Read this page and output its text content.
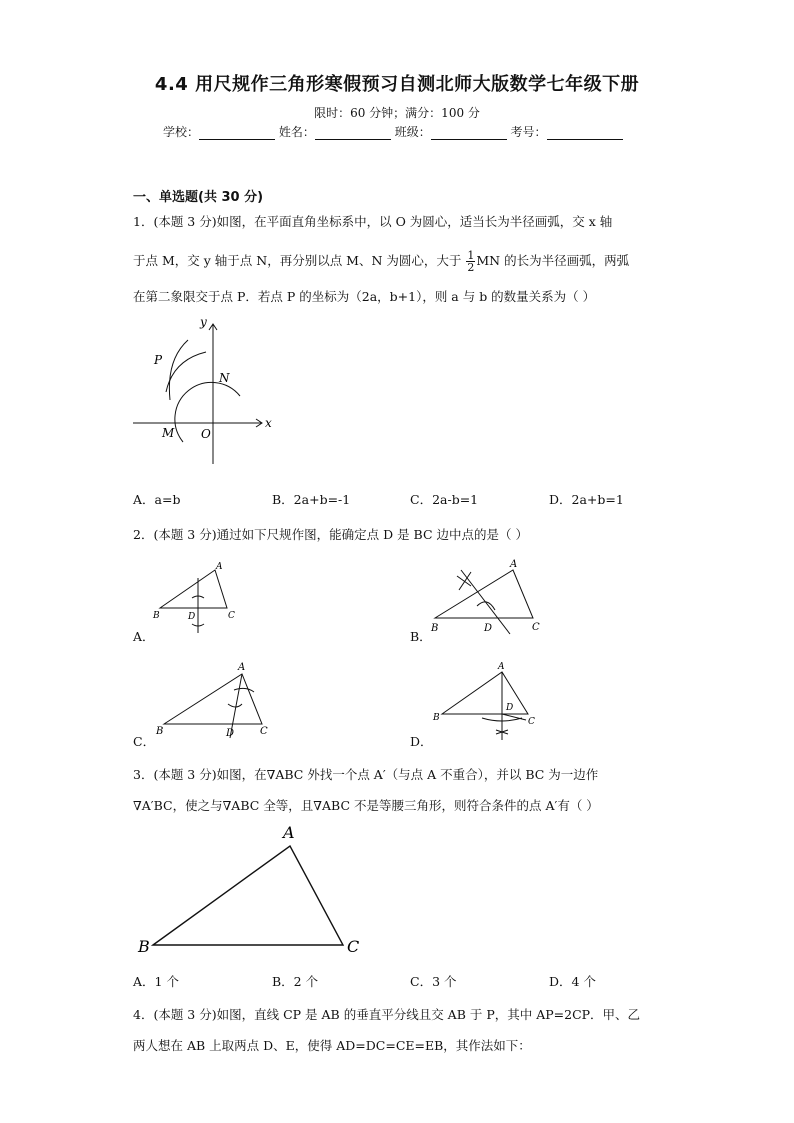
4.4 用尺规作三角形寒假预习自测北师大版数学七年级下册
限时：60 分钟；满分：100 分
学校：	姓名：	班级：	考号：
一、单选题(共 30 分)
1．(本题 3 分)如图，在平面直角坐标系中，以 O 为圆心，适当长为半径画弧，交 x 轴
于点 M，交 y 轴于点 N，再分别以点 M、N 为圆心，大于 $\frac{1}{2}$ MN 的长为半径画弧，两弧
在第二象限交于点 P．若点 P 的坐标为（2a，b+1），则 a 与 b 的数量关系为（ ）
y
x
P
N
M O
A．a=b	B．2a+b=-1	C．2a-b=1	D．2a+b=1
2．(本题 3 分)通过如下尺规作图，能确定点 D 是 BC 边中点的是（ ）
A
B	C
D
A．
A
B	C
D
B．
A
B	C
D
C．
A
B	C
D
D．
3．(本题 3 分)如图，在∇ABC 外找一个点 A′（与点 A 不重合），并以 BC 为一边作
∇A′BC，使之与∇ABC 全等，且∇ABC 不是等腰三角形，则符合条件的点 A′有（ ）
A
B	C
A．1 个	B．2 个	C．3 个	D．4 个
4．(本题 3 分)如图，直线 CP 是 AB 的垂直平分线且交 AB 于 P，其中 AP=2CP．甲、乙
两人想在 AB 上取两点 D、E，使得 AD=DC=CE=EB，其作法如下：
